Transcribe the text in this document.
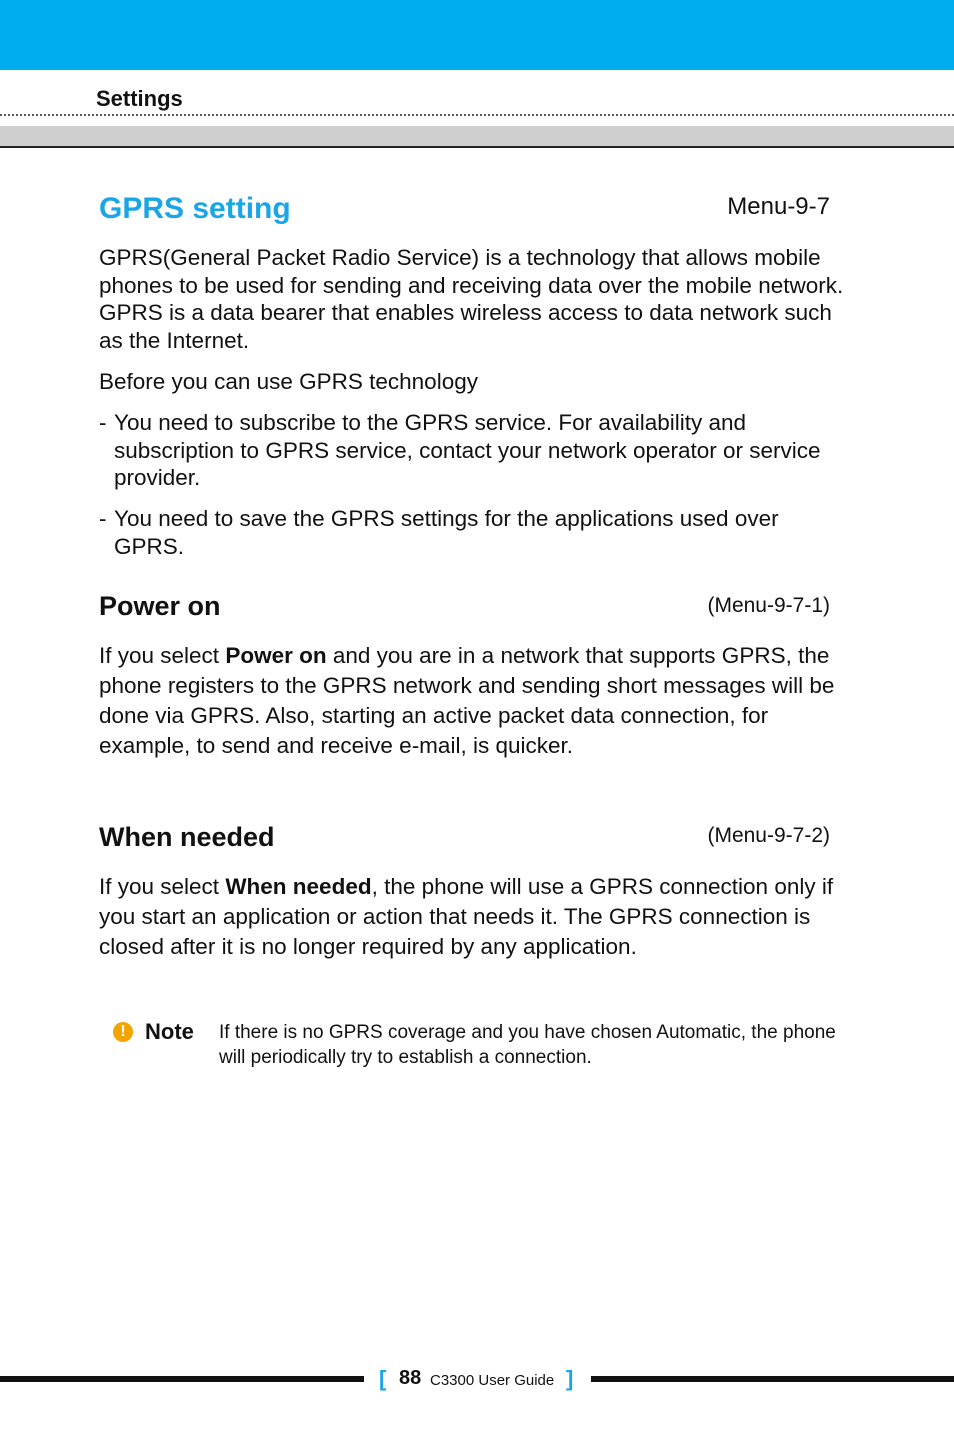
Settings
GPRS setting	Menu-9-7

GPRS(General Packet Radio Service) is a technology that allows mobile phones to be used for sending and receiving data over the mobile network. GPRS is a data bearer that enables wireless access to data network such as the Internet.

Before you can use GPRS technology

- You need to subscribe to the GPRS service. For availability and subscription to GPRS service, contact your network operator or service provider.
- You need to save the GPRS settings for the applications used over GPRS.
Power on	(Menu-9-7-1)

If you select Power on and you are in a network that supports GPRS, the phone registers to the GPRS network and sending short messages will be done via GPRS. Also, starting an active packet data connection, for example, to send and receive e-mail, is quicker.

When needed	(Menu-9-7-2)

If you select When needed, the phone will use a GPRS connection only if you start an application or action that needs it. The GPRS connection is closed after it is no longer required by any application.

! Note If there is no GPRS coverage and you have chosen Automatic, the phone will periodically try to establish a connection.
[ 88 C3300 User Guide ]
